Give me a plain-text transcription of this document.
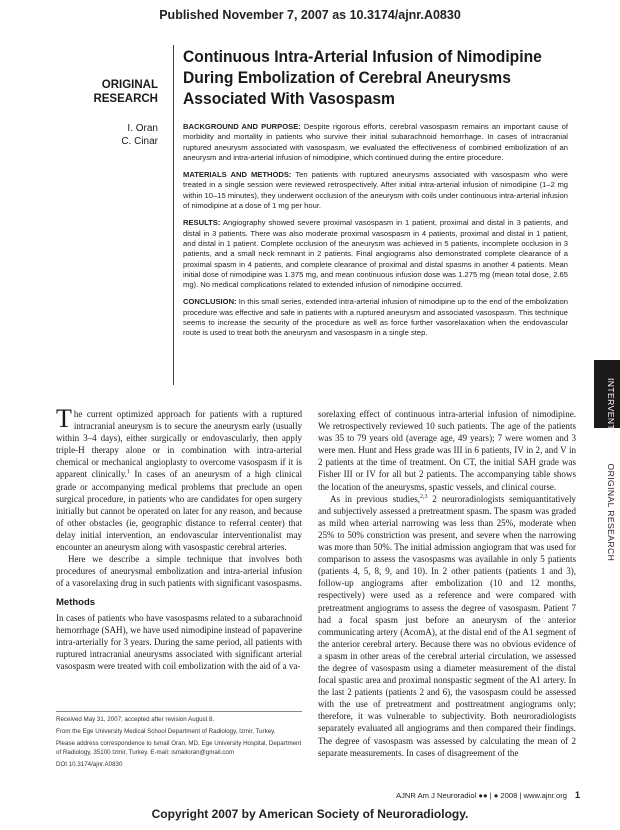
Published November 7, 2007 as 10.3174/ajnr.A0830
ORIGINAL
RESEARCH
I. Oran
C. Cinar
Continuous Intra-Arterial Infusion of Nimodipine
During Embolization of Cerebral Aneurysms
Associated With Vasospasm

BACKGROUND AND PURPOSE: Despite rigorous efforts, cerebral vasospasm remains an important cause of morbidity and mortality in patients who survive their initial subarachnoid hemorrhage. In cases of intracranial ruptured aneurysm associated with vasospasm, we evaluated the effectiveness of combined embolization of an aneurysm and intra-arterial infusion of nimodipine, which continued during the entire procedure.

MATERIALS AND METHODS: Ten patients with ruptured aneurysms associated with vasospasm who were treated in a single session were reviewed retrospectively. After initial intra-arterial infusion of nimodipine (1–2 mg within 10–15 minutes), they underwent occlusion of the aneurysm with coils under continuous intra-arterial infusion of nimodipine at a dose of 1 mg per hour.

RESULTS: Angiography showed severe proximal vasospasm in 1 patient, proximal and distal in 3 patients, and distal in 3 patients. There was also moderate proximal vasospasm in 4 patients, proximal and distal in 1 patient, and distal in 1 patient. Complete occlusion of the aneurysm was achieved in 5 patients, incomplete occlusion in 3 patients, and a small neck remnant in 2 patients. Final angiograms also demonstrated complete clearance of a proximal spasm in 4 patients, and complete clearance of proximal and distal spasms in another 4 patients. Mean initial dose of nimodipine was 1.375 mg, and mean continuous infusion dose was 1.275 mg (mean total dose, 2.65 mg). No medical complications related to extended infusion of nimodipine occurred.

CONCLUSION: In this small series, extended intra-arterial infusion of nimodipine up to the end of the embolization procedure was effective and safe in patients with a ruptured aneurysm and associated vasospasm. This technique seems to increase the security of the procedure as well as force further vasorelaxation when the endovascular route is used to treat both the aneurysm and vasospasm in a single step.

INTERVENTIONAL  ORIGINAL RESEARCH

The current optimized approach for patients with a ruptured intracranial aneurysm is to secure the aneurysm early (usually within 3–4 days), either surgically or endovascularly, then apply triple-H therapy alone or in combination with intra-arterial chemical or mechanical angioplasty to overcome vasospasm if it is apparent clinically.$^1$ In cases of an aneurysm of a high clinical grade or accompanying medical problems that preclude an open surgical procedure, in patients who are candidates for open surgery initially but cannot be operated on later for any reason, and because of other obstacles (ie, geographic distance to referral center) that delay initial intervention, an endovascular interventionalist may encounter an aneurysm along with vasospastic cerebral arteries.

Here we describe a simple technique that involves both procedures of aneurysmal embolization and intra-arterial infusion of a vasorelaxing drug in such patients with significant vasospasms.

Methods

In cases of patients who have vasospasms related to a subarachnoid hemorrhage (SAH), we have used nimodipine instead of papaverine intra-arterially for 3 years. During the same period, all patients with ruptured intracranial aneurysms associated with significant arterial vasospasm were treated with coil embolization with the aid of a va-

sorelaxing effect of continuous intra-arterial infusion of nimodipine. We retrospectively reviewed 10 such patients. The age of the patients was 35 to 79 years old (average age, 49 years); 7 were women and 3 were men. Hunt and Hess grade was III in 6 patients, IV in 2, and V in 2 patients at the time of treatment. On CT, the initial SAH grade was Fisher III or IV for all but 2 patients. The accompanying table shows the location of the aneurysms, spastic vessels, and clinical course.

As in previous studies,$^{2,3}$ 2 neuroradiologists semiquantitatively and subjectively assessed a pretreatment spasm. The spasm was graded as mild when arterial narrowing was less than 25%, moderate when 25% to 50% constriction was present, and severe when the narrowing was more than 50%. The initial admission angiogram that was used for comparison to assess the vasospasms was available in only 5 patients (patients 4, 5, 8, 9, and 10). In 2 other patients (patients 1 and 3), follow-up angiograms after embolization (10 and 12 months, respectively) were used as a reference and were compared with pretreatment angiograms to assess the degree of vasospasm. Patient 7 had a focal spasm just before an aneurysm of the anterior communicating artery (AcomA), at the distal end of the A1 segment of the anterior cerebral artery. Because there was no obvious evidence of a spasm in other areas of the cerebral arterial circulation, we assessed the degree of vasospasm using a diameter measurement of the distal focal spastic area and proximal nonspastic segment of the A1 artery. In the last 2 patients (patients 2 and 6), the vasospasm could be assessed with the use of pretreatment and posttreatment angiograms only; therefore, it was vulnerable to subjectivity. Both neuroradiologists separately evaluated all angiograms and then compared their findings. The degree of vasospasm was assessed by calculating the mean of 2 separate measurements. In cases of disagreement of the

Received May 31, 2007; accepted after revision August 8.
From the Ege University Medical School Department of Radiology, Izmir, Turkey.
Please address correspondence to Ismail Oran, MD, Ege University Hospital, Department of Radiology, 35100 Izmir, Turkey. E-mail: ismailoran@gmail.com
DOI 10.3174/ajnr.A0830
AJNR Am J Neuroradiol ●● | ● 2008 | www.ajnr.org 1
Copyright 2007 by American Society of Neuroradiology.
